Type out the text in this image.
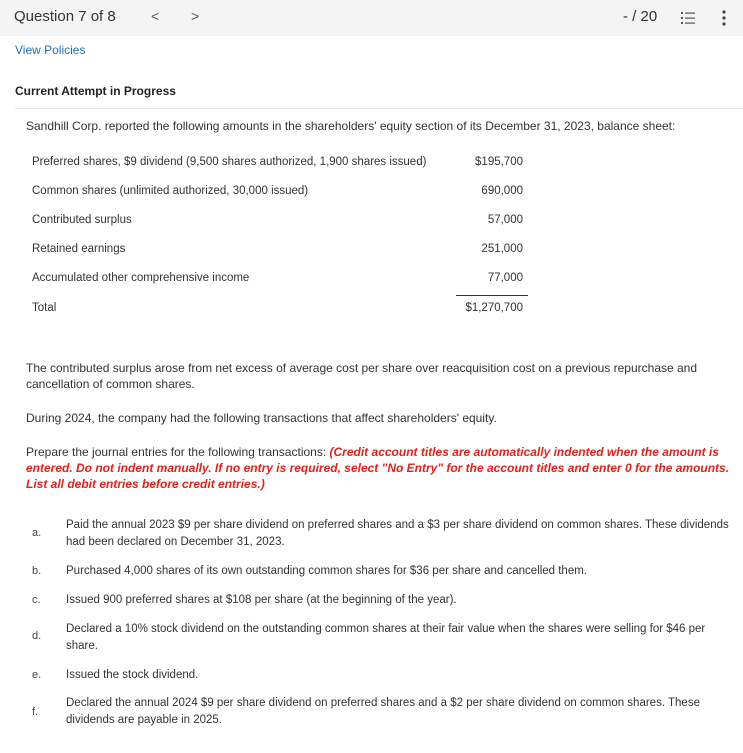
Question 7 of 8	< >	- / 20
View Policies
Current Attempt in Progress
Sandhill Corp. reported the following amounts in the shareholders' equity section of its December 31, 2023, balance sheet:
Preferred shares, $9 dividend (9,500 shares authorized, 1,900 shares issued)	$195,700
Common shares (unlimited authorized, 30,000 issued)	690,000
Contributed surplus	57,000
Retained earnings	251,000
Accumulated other comprehensive income	77,000
Total	$1,270,700
The contributed surplus arose from net excess of average cost per share over reacquisition cost on a previous repurchase and cancellation of common shares.
During 2024, the company had the following transactions that affect shareholders' equity.
Prepare the journal entries for the following transactions: (Credit account titles are automatically indented when the amount is entered. Do not indent manually. If no entry is required, select "No Entry" for the account titles and enter 0 for the amounts. List all debit entries before credit entries.)
a.
Paid the annual 2023 $9 per share dividend on preferred shares and a $3 per share dividend on common shares. These dividends had been declared on December 31, 2023.
b. Purchased 4,000 shares of its own outstanding common shares for $36 per share and cancelled them.
c. Issued 900 preferred shares at $108 per share (at the beginning of the year).
d.
Declared a 10% stock dividend on the outstanding common shares at their fair value when the shares were selling for $46 per share.
e. Issued the stock dividend.
f.
Declared the annual 2024 $9 per share dividend on preferred shares and a $2 per share dividend on common shares. These dividends are payable in 2025.
